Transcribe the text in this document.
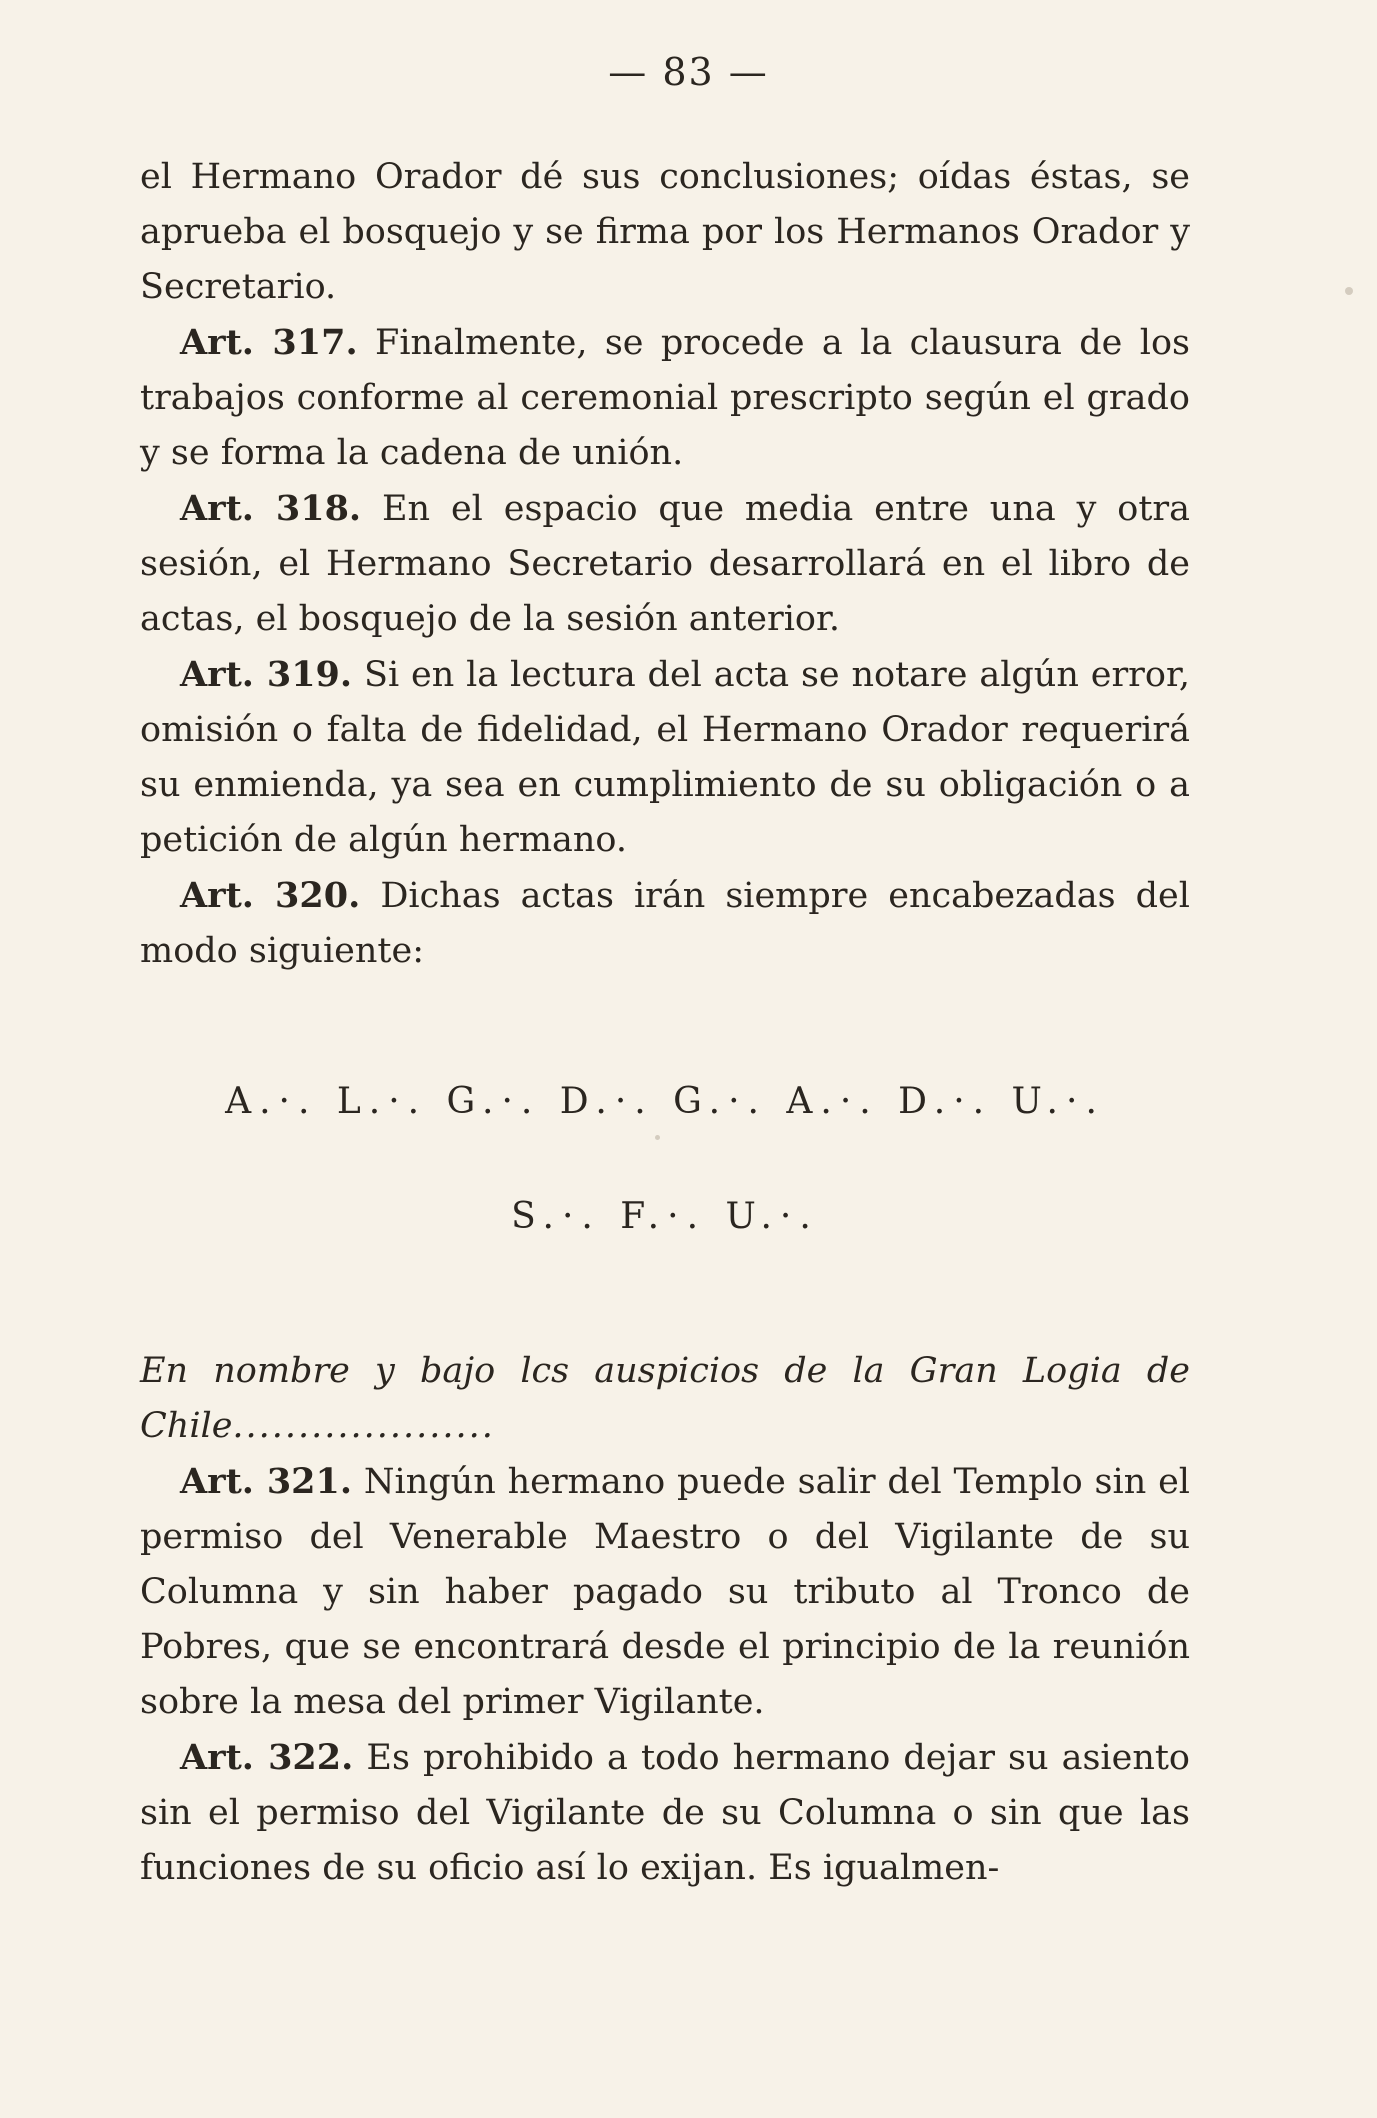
— 83 —

el Hermano Orador dé sus conclusiones; oídas éstas, se aprueba el bosquejo y se firma por los Hermanos Orador y Secretario.

Art. 317. Finalmente, se procede a la clausura de los trabajos conforme al ceremonial prescripto según el grado y se forma la cadena de unión.

Art. 318. En el espacio que media entre una y otra sesión, el Hermano Secretario desarrollará en el libro de actas, el bosquejo de la sesión anterior.

Art. 319. Si en la lectura del acta se notare algún error, omisión o falta de fidelidad, el Hermano Orador requerirá su enmienda, ya sea en cumplimiento de su obligación o a petición de algún hermano.

Art. 320. Dichas actas irán siempre encabezadas del modo siguiente:

A.·. L.·. G.·. D.·. G.·. A.·. D.·. U.·.

S.·. F.·. U.·.

En nombre y bajo lcs auspicios de la Gran Logia de Chile....................

Art. 321. Ningún hermano puede salir del Templo sin el permiso del Venerable Maestro o del Vigilante de su Columna y sin haber pagado su tributo al Tronco de Pobres, que se encontrará desde el principio de la reunión sobre la mesa del primer Vigilante.

Art. 322. Es prohibido a todo hermano dejar su asiento sin el permiso del Vigilante de su Columna o sin que las funciones de su oficio así lo exijan. Es igualmen-
